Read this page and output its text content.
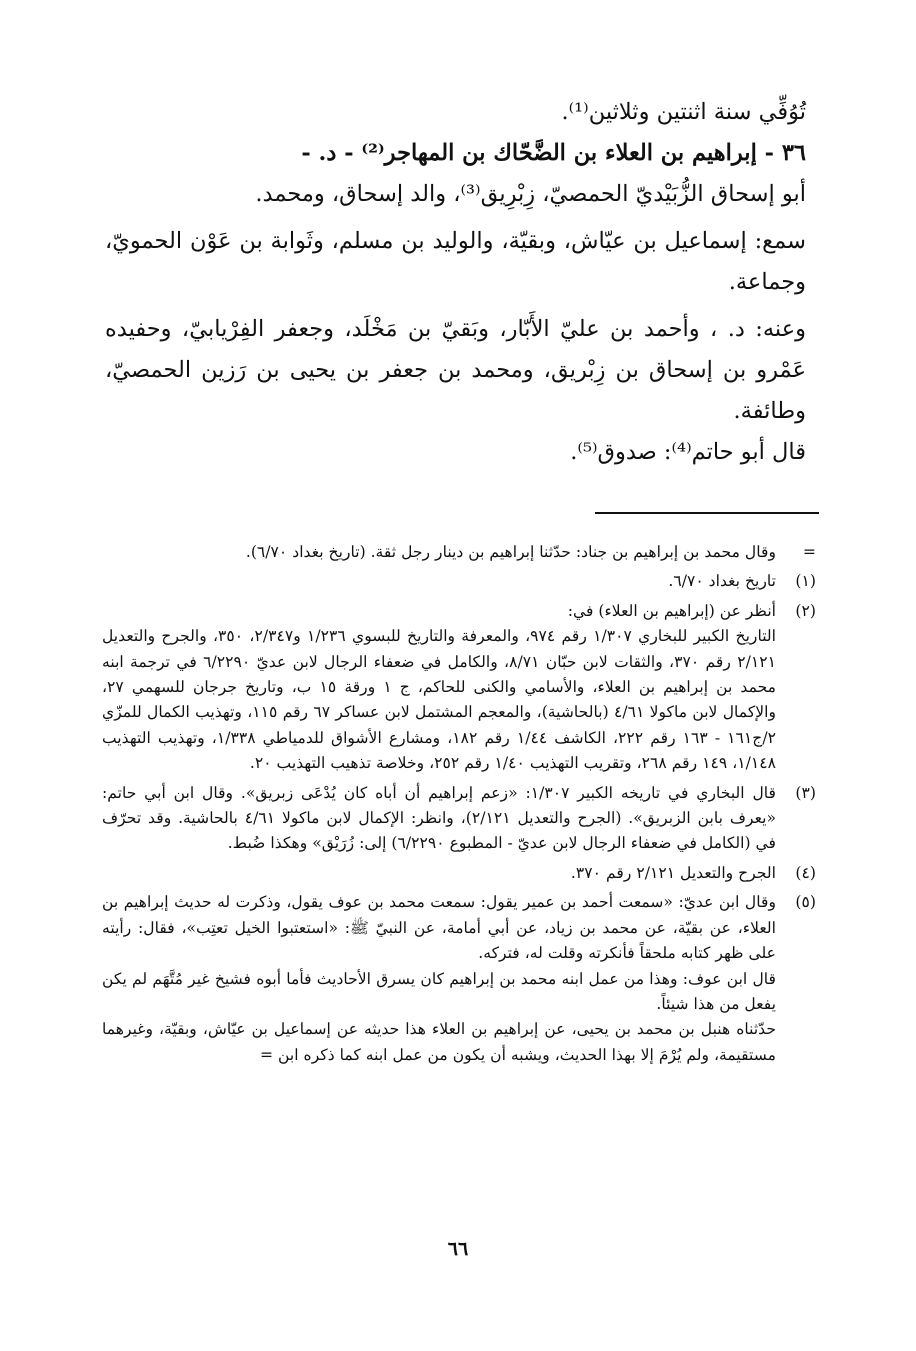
تُوُفِّي سنة اثنتين وثلاثين⁽¹⁾.

٣٦ - إبراهيم بن العلاء بن الضَّحّاك بن المهاجر⁽²⁾ - د. -

أبو إسحاق الزُّبَيْديّ الحمصيّ، زِبْرِيق⁽³⁾، والد إسحاق، ومحمد.

سمع: إسماعيل بن عيّاش، وبقيّة، والوليد بن مسلم، وثَوابة بن عَوْن الحمويّ، وجماعة.

وعنه: د. ، وأحمد بن عليّ الأَبّار، وبَقيّ بن مَخْلَد، وجعفر الفِرْيابيّ، وحفيده عَمْرو بن إسحاق بن زِبْريق، ومحمد بن جعفر بن يحيى بن رَزين الحمصيّ، وطائفة.

قال أبو حاتم⁽⁴⁾: صدوق⁽⁵⁾.

=

وقال محمد بن إبراهيم بن جناد: حدّثنا إبراهيم بن دينار رجل ثقة. (تاريخ بغداد ٦/٧٠).

(١)

تاريخ بغداد ٦/٧٠.

(٢)

أنظر عن (إبراهيم بن العلاء) في:

التاريخ الكبير للبخاري ١/٣٠٧ رقم ٩٧٤، والمعرفة والتاريخ للبسوي ١/٢٣٦ و٢/٣٤٧، ٣٥٠، والجرح والتعديل ٢/١٢١ رقم ٣٧٠، والثقات لابن حبّان ٨/٧١، والكامل في ضعفاء الرجال لابن عديّ ٦/٢٢٩٠ في ترجمة ابنه محمد بن إبراهيم بن العلاء، والأسامي والكنى للحاكم، ج ١ ورقة ١٥ ب، وتاريخ جرجان للسهمي ٢٧، والإكمال لابن ماكولا ٤/٦١ (بالحاشية)، والمعجم المشتمل لابن عساكر ٦٧ رقم ١١٥، وتهذيب الكمال للمزّي ٢/ج١٦١ - ١٦٣ رقم ٢٢٢، الكاشف ١/٤٤ رقم ١٨٢، ومشارع الأشواق للدمياطي ١/٣٣٨، وتهذيب التهذيب ١/١٤٨، ١٤٩ رقم ٢٦٨، وتقريب التهذيب ١/٤٠ رقم ٢٥٢، وخلاصة تذهيب التهذيب ٢٠.

(٣)

قال البخاري في تاريخه الكبير ١/٣٠٧: «زعم إبراهيم أن أباه كان يُدْعَى زبريق». وقال ابن أبي حاتم: «يعرف بابن الزبريق». (الجرح والتعديل ٢/١٢١)، وانظر: الإكمال لابن ماكولا ٤/٦١ بالحاشية. وقد تحرّف في (الكامل في ضعفاء الرجال لابن عديّ - المطبوع ٦/٢٢٩٠) إلى: زُرَيْق» وهكذا ضُبط.

(٤)

الجرح والتعديل ٢/١٢١ رقم ٣٧٠.

(٥)

وقال ابن عديّ: «سمعت أحمد بن عمير يقول: سمعت محمد بن عوف يقول، وذكرت له حديث إبراهيم بن العلاء، عن بقيّة، عن محمد بن زياد، عن أبي أمامة، عن النبيّ ﷺ: «استعتبوا الخيل تعتِب»، فقال: رأيته على ظهر كتابه ملحقاً فأنكرته وقلت له، فتركه.

قال ابن عوف: وهذا من عمل ابنه محمد بن إبراهيم كان يسرق الأحاديث فأما أبوه فشيخ غير مُتَّهَم لم يكن يفعل من هذا شيئاً.

حدّثناه هنبل بن محمد بن يحيى، عن إبراهيم بن العلاء هذا حديثه عن إسماعيل بن عيّاش، وبقيّة، وغيرهما مستقيمة، ولم يُرْمَ إلا بهذا الحديث، ويشبه أن يكون من عمل ابنه كما ذكره ابن =

٦٦
